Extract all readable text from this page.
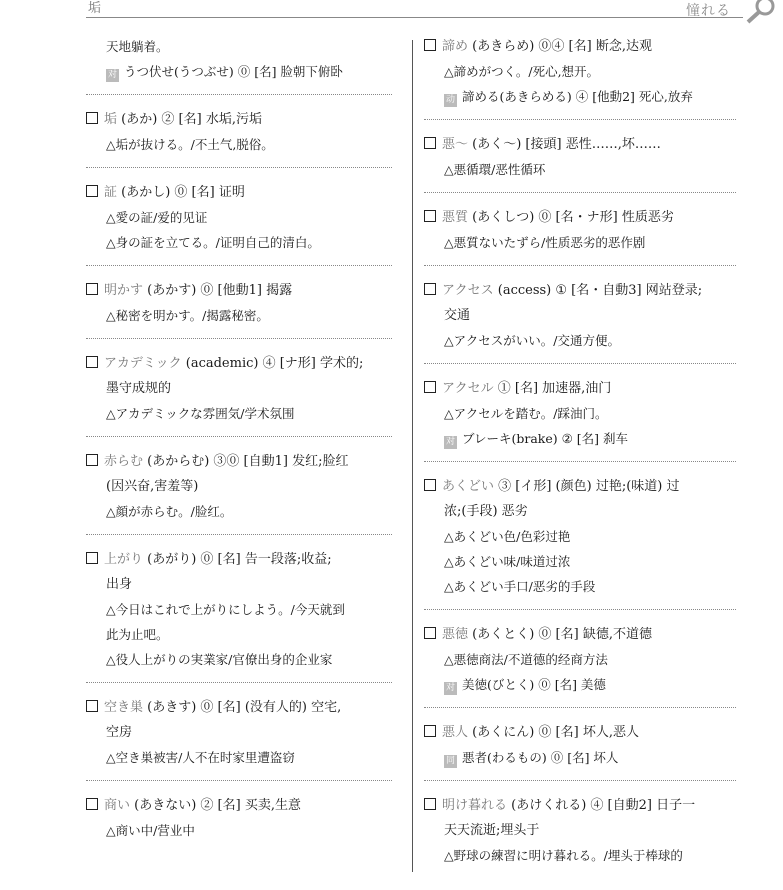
垢	憧れる
天地躺着。
对 うつ伏せ(うつぶせ) ⓪ [名] 脸朝下俯卧
垢 (あか) ② [名] 水垢,污垢
△垢が抜ける。/不土气,脱俗。
証 (あかし) ⓪ [名] 证明
△愛の証/爱的见证
△身の証を立てる。/证明自己的清白。
明かす (あかす) ⓪ [他動1] 揭露
△秘密を明かす。/揭露秘密。
アカデミック (academic) ④ [ナ形] 学术的;
墨守成规的
△アカデミックな雰囲気/学术氛围
赤らむ (あからむ) ③⓪ [自動1] 发红;脸红
(因兴奋,害羞等)
△顔が赤らむ。/脸红。
上がり (あがり) ⓪ [名] 告一段落;收益;
出身
△今日はこれで上がりにしよう。/今天就到
此为止吧。
△役人上がりの実業家/官僚出身的企业家
空き巣 (あきす) ⓪ [名] (没有人的) 空宅,
空房
△空き巣被害/人不在时家里遭盗窃
商い (あきない) ② [名] 买卖,生意
△商い中/营业中
諦め (あきらめ) ⓪④ [名] 断念,达观
△諦めがつく。/死心,想开。
动 諦める(あきらめる) ④ [他動2] 死心,放弃
悪～ (あく～) [接頭] 恶性……,坏……
△悪循環/恶性循环
悪質 (あくしつ) ⓪ [名・ナ形] 性质恶劣
△悪質ないたずら/性质恶劣的恶作剧
アクセス (access) ① [名・自動3] 网站登录;
交通
△アクセスがいい。/交通方便。
アクセル ① [名] 加速器,油门
△アクセルを踏む。/踩油门。
对 ブレーキ(brake) ② [名] 刹车
あくどい ③ [イ形] (颜色) 过艳;(味道) 过
浓;(手段) 恶劣
△あくどい色/色彩过艳
△あくどい味/味道过浓
△あくどい手口/恶劣的手段
悪徳 (あくとく) ⓪ [名] 缺德,不道德
△悪徳商法/不道德的经商方法
对 美徳(びとく) ⓪ [名] 美德
悪人 (あくにん) ⓪ [名] 坏人,恶人
同 悪者(わるもの) ⓪ [名] 坏人
明け暮れる (あけくれる) ④ [自動2] 日子一
天天流逝;埋头于
△野球の練習に明け暮れる。/埋头于棒球的
